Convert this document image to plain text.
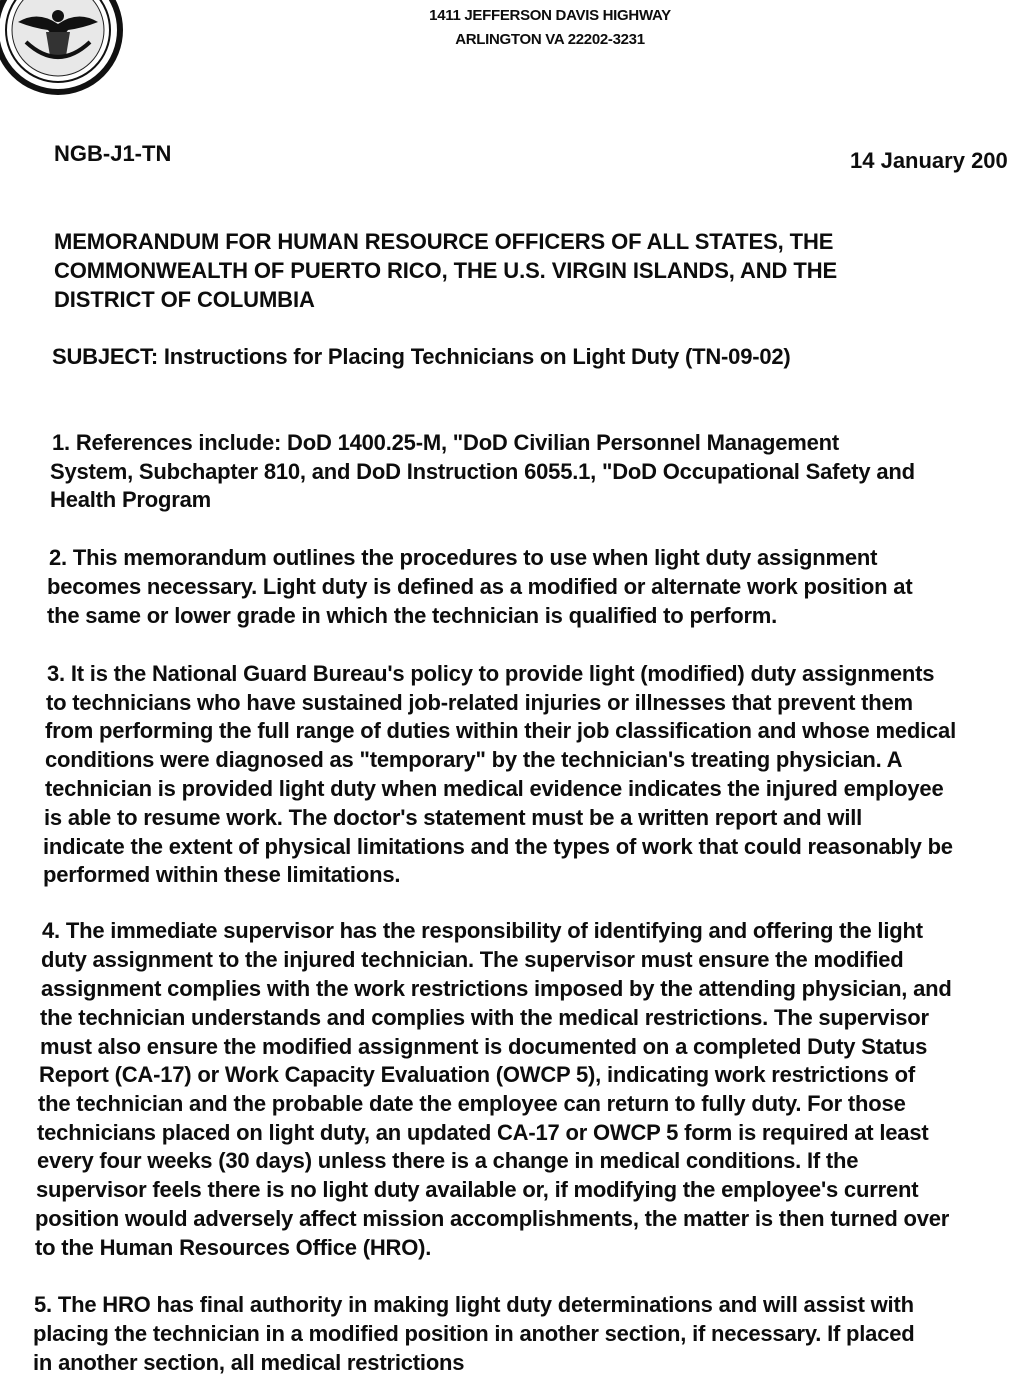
1411 JEFFERSON DAVIS HIGHWAY
ARLINGTON VA 22202-3231
NGB-J1-TN	14 January 200
MEMORANDUM FOR HUMAN RESOURCE OFFICERS OF ALL STATES, THE
COMMONWEALTH OF PUERTO RICO, THE U.S. VIRGIN ISLANDS, AND THE
DISTRICT OF COLUMBIA
SUBJECT: Instructions for Placing Technicians on Light Duty (TN-09-02)
1. References include: DoD 1400.25-M, "DoD Civilian Personnel Management
System, Subchapter 810, and DoD Instruction 6055.1, "DoD Occupational Safety and
Health Program
2. This memorandum outlines the procedures to use when light duty assignment
becomes necessary. Light duty is defined as a modified or alternate work position at
the same or lower grade in which the technician is qualified to perform.
3. It is the National Guard Bureau's policy to provide light (modified) duty assignments
to technicians who have sustained job-related injuries or illnesses that prevent them
from performing the full range of duties within their job classification and whose medical
conditions were diagnosed as "temporary" by the technician's treating physician. A
technician is provided light duty when medical evidence indicates the injured employee
is able to resume work. The doctor's statement must be a written report and will
indicate the extent of physical limitations and the types of work that could reasonably be
performed within these limitations.
4. The immediate supervisor has the responsibility of identifying and offering the light
duty assignment to the injured technician. The supervisor must ensure the modified
assignment complies with the work restrictions imposed by the attending physician, and
the technician understands and complies with the medical restrictions. The supervisor
must also ensure the modified assignment is documented on a completed Duty Status
Report (CA-17) or Work Capacity Evaluation (OWCP 5), indicating work restrictions of
the technician and the probable date the employee can return to fully duty. For those
technicians placed on light duty, an updated CA-17 or OWCP 5 form is required at least
every four weeks (30 days) unless there is a change in medical conditions. If the
supervisor feels there is no light duty available or, if modifying the employee's current
position would adversely affect mission accomplishments, the matter is then turned over
to the Human Resources Office (HRO).
5. The HRO has final authority in making light duty determinations and will assist with
placing the technician in a modified position in another section, if necessary. If placed
in another section, all medical restrictions
